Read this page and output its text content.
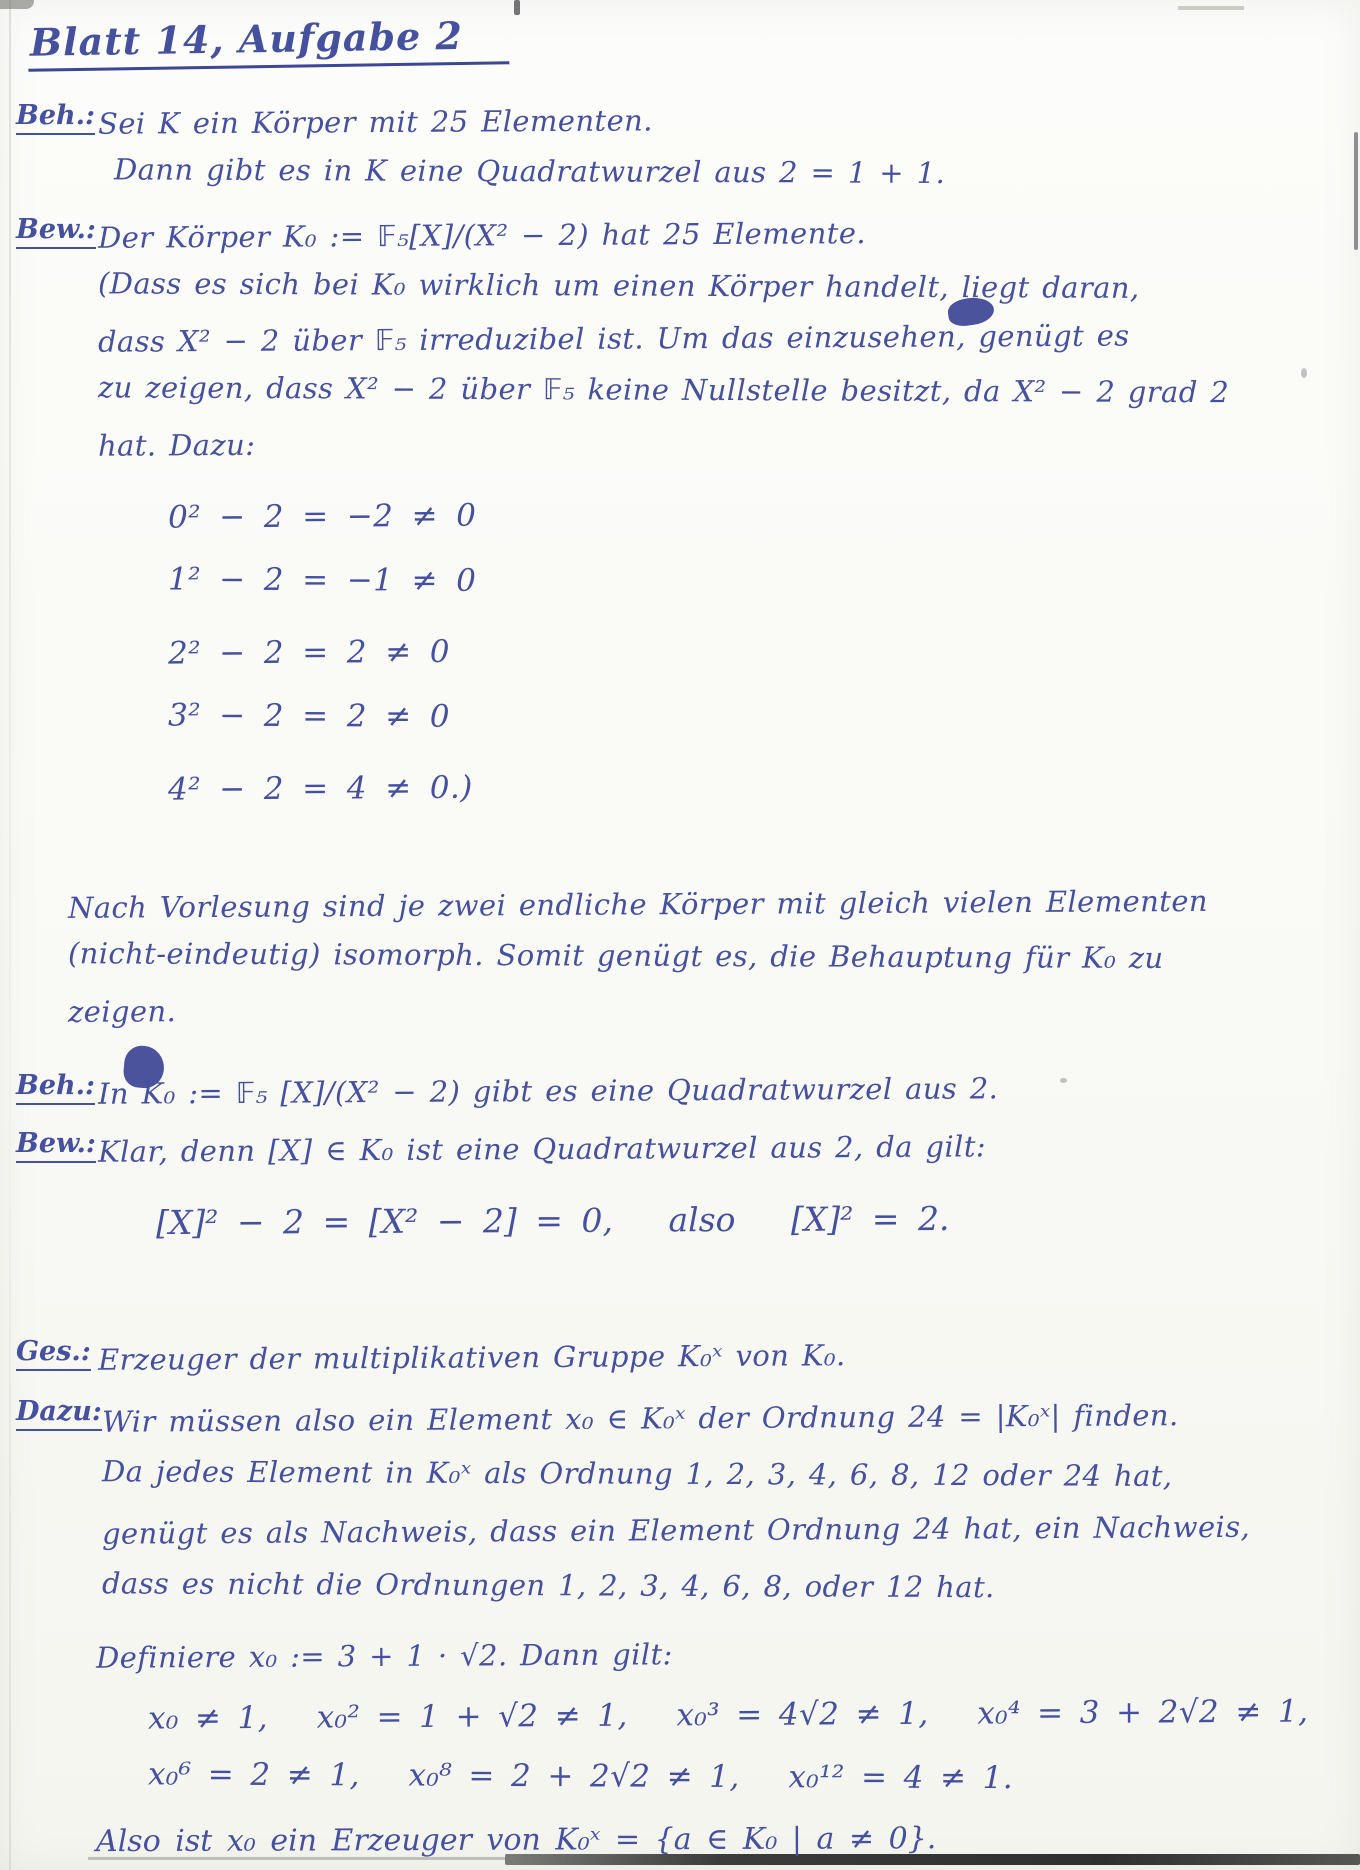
Blatt 14, Aufgabe 2
Beh.: Sei K ein Körper mit 25 Elementen.
Dann gibt es in K eine Quadratwurzel aus 2 = 1 + 1.
Bew.: Der Körper K₀ := 𝔽₅[X]/(X² − 2) hat 25 Elemente.
(Dass es sich bei K₀ wirklich um einen Körper handelt, liegt daran,
dass X² − 2 über 𝔽₅ irreduzibel ist. Um das einzusehen, genügt es
zu zeigen, dass X² − 2 über 𝔽₅ keine Nullstelle besitzt, da X² − 2 grad 2
hat. Dazu:
0² − 2 = −2 ≠ 0
1² − 2 = −1 ≠ 0
2² − 2 = 2 ≠ 0
3² − 2 = 2 ≠ 0
4² − 2 = 4 ≠ 0.)
Nach Vorlesung sind je zwei endliche Körper mit gleich vielen Elementen
(nicht-eindeutig) isomorph. Somit genügt es, die Behauptung für K₀ zu
zeigen.
Beh.: In K₀ := 𝔽₅ [X]/(X² − 2) gibt es eine Quadratwurzel aus 2.
Bew.: Klar, denn [X] ∈ K₀ ist eine Quadratwurzel aus 2, da gilt:
[X]² − 2 = [X² − 2] = 0,   also   [X]² = 2.
Ges.: Erzeuger der multiplikativen Gruppe K₀ˣ von K₀.
Dazu: Wir müssen also ein Element x₀ ∈ K₀ˣ der Ordnung 24 = |K₀ˣ| finden.
Da jedes Element in K₀ˣ als Ordnung 1, 2, 3, 4, 6, 8, 12 oder 24 hat,
genügt es als Nachweis, dass ein Element Ordnung 24 hat, ein Nachweis,
dass es nicht die Ordnungen 1, 2, 3, 4, 6, 8, oder 12 hat.
Definiere x₀ := 3 + 1 · √2. Dann gilt:
x₀ ≠ 1,   x₀² = 1 + √2 ≠ 1,   x₀³ = 4√2 ≠ 1,   x₀⁴ = 3 + 2√2 ≠ 1,
x₀⁶ = 2 ≠ 1,   x₀⁸ = 2 + 2√2 ≠ 1,   x₀¹² = 4 ≠ 1.
Also ist x₀ ein Erzeuger von K₀ˣ = {a ∈ K₀ | a ≠ 0}.
